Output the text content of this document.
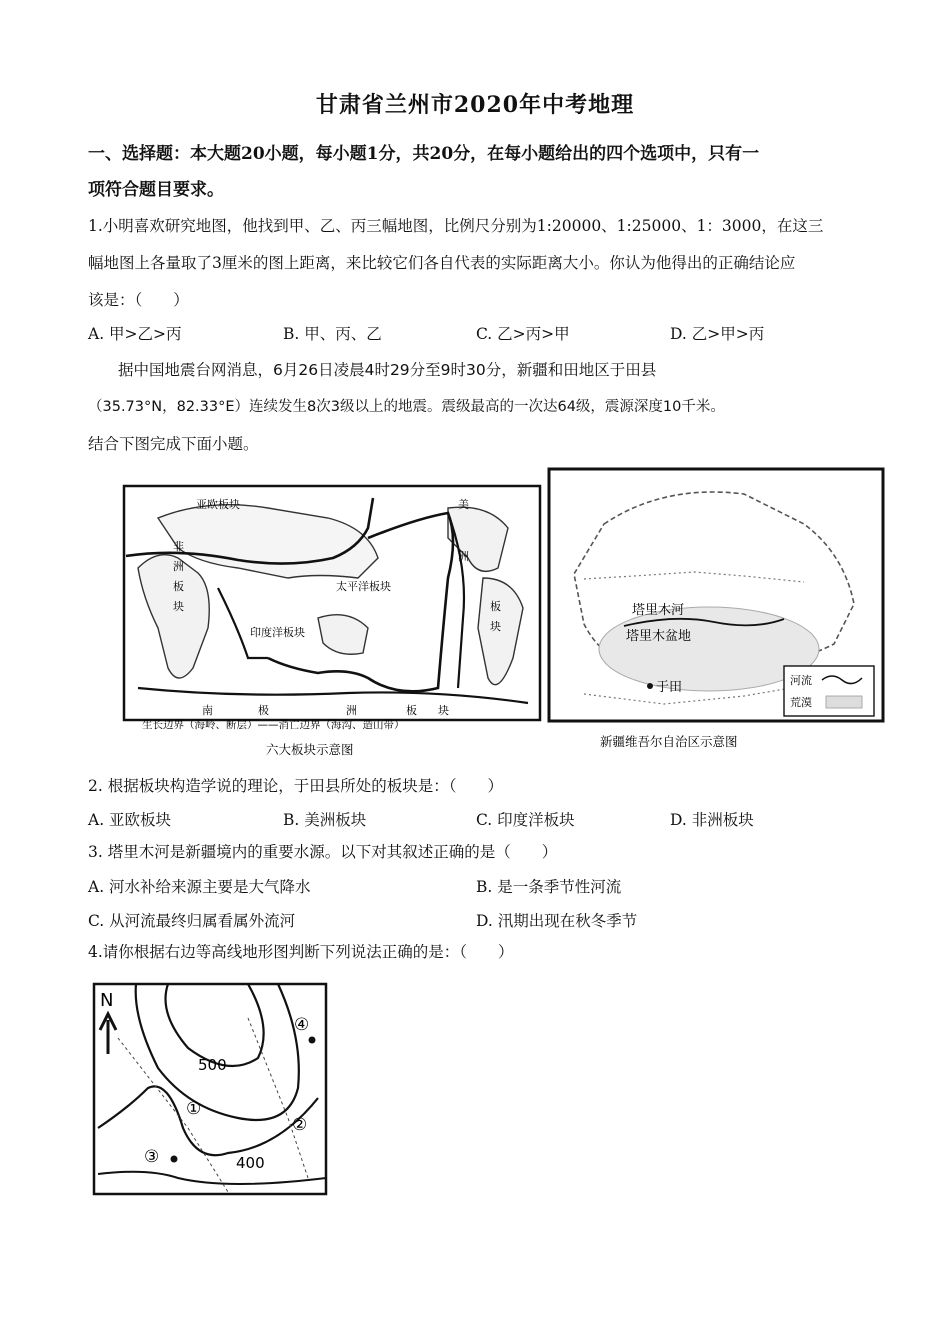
甘肃省兰州市2020年中考地理
一、选择题：本大题20小题，每小题1分，共20分，在每小题给出的四个选项中，只有一
项符合题目要求。
1.小明喜欢研究地图，他找到甲、乙、丙三幅地图，比例尺分别为1:20000、1:25000、1：3000，在这三
幅地图上各量取了3厘米的图上距离，来比较它们各自代表的实际距离大小。你认为他得出的正确结论应
该是：（　　）
A. 甲>乙>丙	B. 甲、丙、乙	C. 乙>丙>甲	D. 乙>甲>丙
据中国地震台网消息，6月26日凌晨4时29分至9时30分，新疆和田地区于田县
（35.73°N，82.33°E）连续发生8次3级以上的地震。震级最高的一次达64级，震源深度10千米。
结合下图完成下面小题。
亚欧板块
非
洲
板
块
印度洋板块
太平洋板块
美
洲
板
块
南	极	洲	板 块
生长边界（海岭、断层）——消亡边界（海沟、造山带）
六大板块示意图
塔里木河
塔里木盆地
于田	河流
荒漠
新疆维吾尔自治区示意图
2. 根据板块构造学说的理论，于田县所处的板块是：（　　）
A. 亚欧板块	B. 美洲板块	C. 印度洋板块	D. 非洲板块
3. 塔里木河是新疆境内的重要水源。以下对其叙述正确的是（　　）
A. 河水补给来源主要是大气降水	B. 是一条季节性河流
C. 从河流最终归属看属外流河	D. 汛期出现在秋冬季节
4.请你根据右边等高线地形图判断下列说法正确的是：（　　）
N
500
400
①
②
③
④
